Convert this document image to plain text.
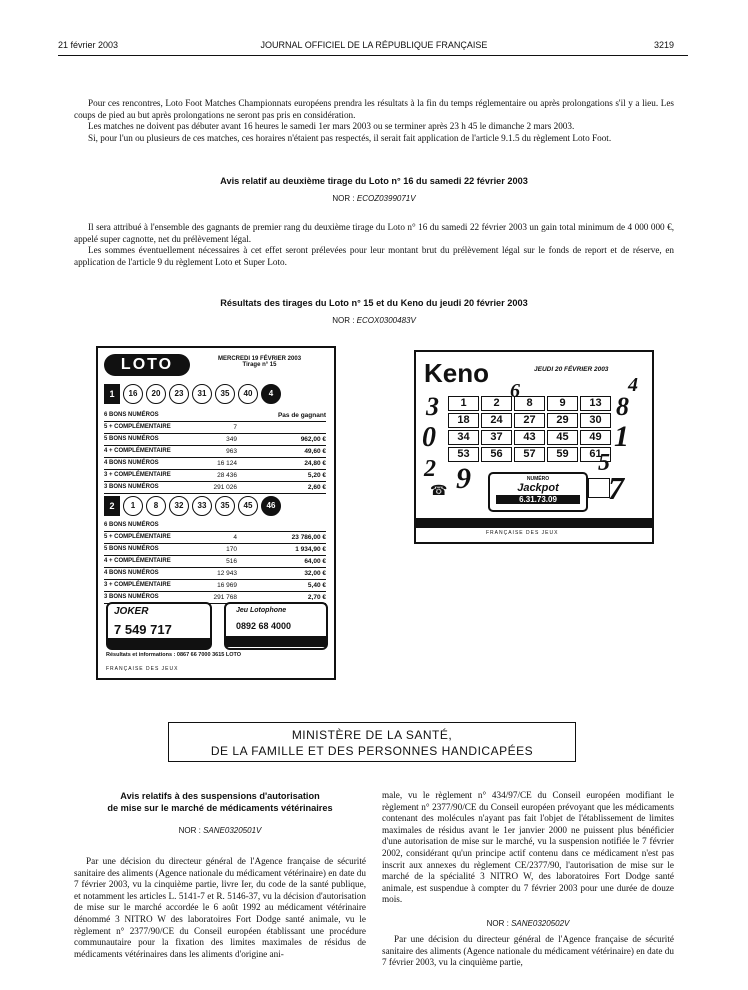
21 février 2003	JOURNAL OFFICIEL DE LA RÉPUBLIQUE FRANÇAISE	3219

Pour ces rencontres, Loto Foot Matches Championnats européens prendra les résultats à la fin du temps réglementaire ou après prolongations s'il y a lieu. Les coups de pied au but après prolongations ne seront pas pris en considération.

Les matches ne doivent pas débuter avant 16 heures le samedi 1er mars 2003 ou se terminer après 23 h 45 le dimanche 2 mars 2003.

Si, pour l'un ou plusieurs de ces matches, ces horaires n'étaient pas respectés, il serait fait application de l'article 9.1.5 du règlement Loto Foot.

Avis relatif au deuxième tirage du Loto n° 16 du samedi 22 février 2003
NOR : ECOZ0399071V

Il sera attribué à l'ensemble des gagnants de premier rang du deuxième tirage du Loto n° 16 du samedi 22 février 2003 un gain total minimum de 4 000 000 €, appelé super cagnotte, net du prélèvement légal.

Les sommes éventuellement nécessaires à cet effet seront prélevées pour leur montant brut du prélèvement légal sur le fonds de report et de réserve, en application de l'article 9 du règlement Loto et Super Loto.

Résultats des tirages du Loto n° 15 et du Keno du jeudi 20 février 2003
NOR : ECOX0300483V
LOTO	MERCREDI 19 FÉVRIER 2003
Tirage n° 15
1	16	20	23	31	35	40	4
6 BONS NUMÉROS	Pas de gagnant
5 + COMPLÉMENTAIRE	7
5 BONS NUMÉROS	349	962,00 €
4 + COMPLÉMENTAIRE	963	49,60 €
4 BONS NUMÉROS	16 124	24,80 €
3 + COMPLÉMENTAIRE	28 436	5,20 €
3 BONS NUMÉROS	291 026	2,60 €
2	1	8	32	33	35	45	46
6 BONS NUMÉROS
5 + COMPLÉMENTAIRE	4	23 786,00 €
5 BONS NUMÉROS	170	1 934,90 €
4 + COMPLÉMENTAIRE	516	64,00 €
4 BONS NUMÉROS	12 943	32,00 €
3 + COMPLÉMENTAIRE	16 969	5,40 €
3 BONS NUMÉROS	291 768	2,70 €
JOKER
7 549 717
Jeu Lotophone
0892 68 4000
Résultats et informations : 0867 66 7000 3615 LOTO
FRANÇAISE DES JEUX
Keno	JEUDI 20 FÉVRIER 2003
6	4
3	8
0	1
2 9	5
7
1	2	8	9	13
18	24	27	29	30
34	37	43	45	49
53	56	57	59	61
NUMÉRO
Jackpot
6.31.73.09
☎
FRANÇAISE DES JEUX
MINISTÈRE DE LA SANTÉ,
DE LA FAMILLE ET DES PERSONNES HANDICAPÉES
Avis relatifs à des suspensions d'autorisation
de mise sur le marché de médicaments vétérinaires
NOR : SANE0320501V

Par une décision du directeur général de l'Agence française de sécurité sanitaire des aliments (Agence nationale du médicament vétérinaire) en date du 7 février 2003, vu la cinquième partie, livre Ier, du code de la santé publique, et notamment les articles L. 5141-7 et R. 5146-37, vu la décision d'autorisation de mise sur le marché accordée le 6 août 1992 au médicament vétérinaire dénommé 3 NITRO W des laboratoires Fort Dodge santé animale, vu le règlement n° 2377/90/CE du Conseil européen établissant une procédure communautaire pour la fixation des limites maximales de résidus de médicaments vétérinaires dans les aliments d'origine ani-

male, vu le règlement n° 434/97/CE du Conseil européen modifiant le règlement n° 2377/90/CE du Conseil européen prévoyant que les médicaments contenant des molécules n'ayant pas fait l'objet de l'établissement de limites maximales de résidus avant le 1er janvier 2000 ne puissent plus bénéficier d'une autorisation de mise sur le marché, vu la suspension notifiée le 7 février 2002, considérant qu'un principe actif contenu dans ce médicament n'est pas inscrit aux annexes du règlement CE/2377/90, l'autorisation de mise sur le marché de la spécialité 3 NITRO W, des laboratoires Fort Dodge santé animale, est suspendue à compter du 7 février 2003 pour une durée de douze mois.

NOR : SANE0320502V

Par une décision du directeur général de l'Agence française de sécurité sanitaire des aliments (Agence nationale du médicament vétérinaire) en date du 7 février 2003, vu la cinquième partie,
